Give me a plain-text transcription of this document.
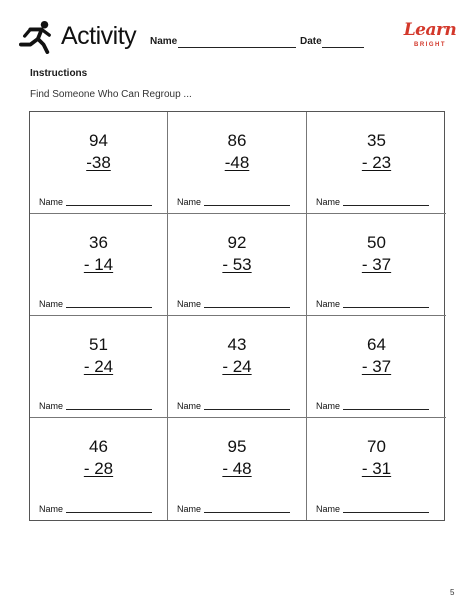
Activity Name	Date
Learn
BRIGHT
Instructions
Find Someone Who Can Regroup ...
94
-38
Name
86
-48
Name
35
- 23
Name
36
- 14
Name
92
- 53
Name
50
- 37
Name
51
- 24
Name
43
- 24
Name
64
- 37
Name
46
- 28
Name
95
- 48
Name
70
- 31
Name
5
